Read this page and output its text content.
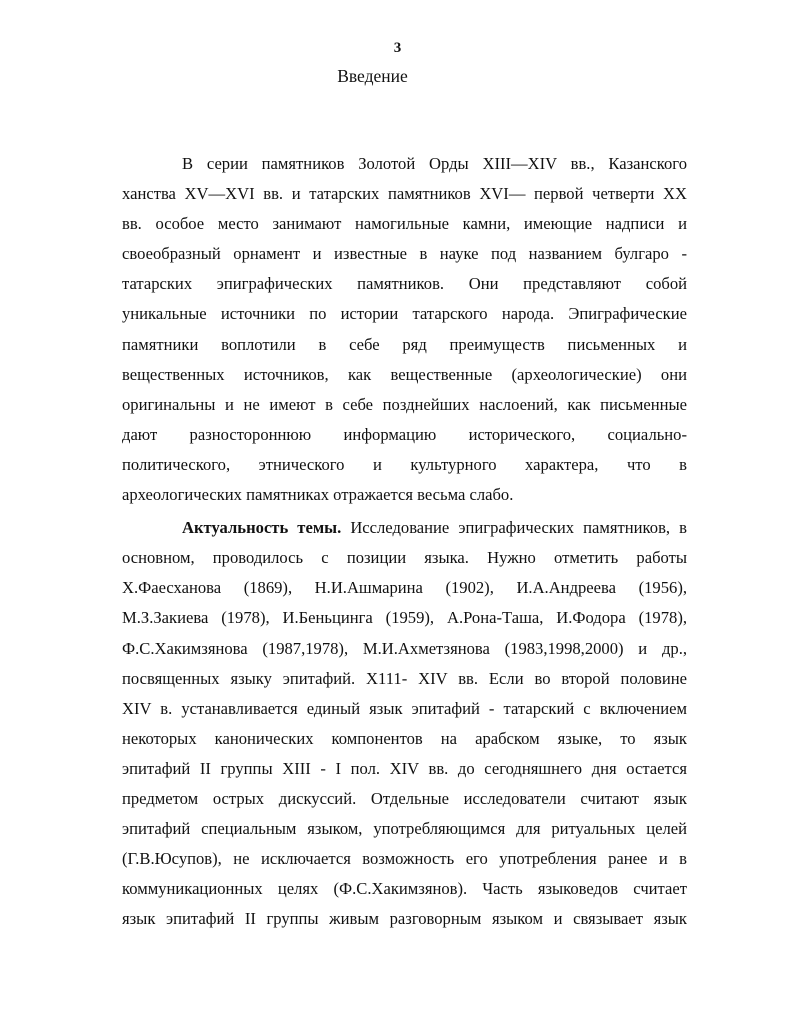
3
Введение
В серии памятников Золотой Орды XIII—XIV вв., Казанского
ханства XV—XVI вв. и татарских памятников XVI— первой четверти XX
вв. особое место занимают намогильные камни, имеющие надписи и
своеобразный орнамент и известные в науке под названием булгаро -
татарских эпиграфических памятников. Они представляют собой
уникальные источники по истории татарского народа. Эпиграфические
памятники воплотили в себе ряд преимуществ письменных и
вещественных источников, как вещественные (археологические) они
оригинальны и не имеют в себе позднейших наслоений, как письменные
дают разностороннюю информацию исторического, социально-
политического, этнического и культурного характера, что в
археологических памятниках отражается весьма слабо.
Актуальность темы. Исследование эпиграфических памятников, в
основном, проводилось с позиции языка. Нужно отметить работы
Х.Фаесханова (1869), Н.И.Ашмарина (1902), И.А.Андреева (1956),
М.З.Закиева (1978), И.Беньцинга (1959), А.Рона-Таша, И.Фодора (1978),
Ф.С.Хакимзянова (1987,1978), М.И.Ахметзянова (1983,1998,2000) и др.,
посвященных языку эпитафий. Х111- XIV вв. Если во второй половине
XIV в. устанавливается единый язык эпитафий - татарский с включением
некоторых канонических компонентов на арабском языке, то язык
эпитафий II группы XIII - I пол. XIV вв. до сегодняшнего дня остается
предметом острых дискуссий. Отдельные исследователи считают язык
эпитафий специальным языком, употребляющимся для ритуальных целей
(Г.В.Юсупов), не исключается возможность его употребления ранее и в
коммуникационных целях (Ф.С.Хакимзянов). Часть языковедов считает
язык эпитафий II группы живым разговорным языком и связывает язык
